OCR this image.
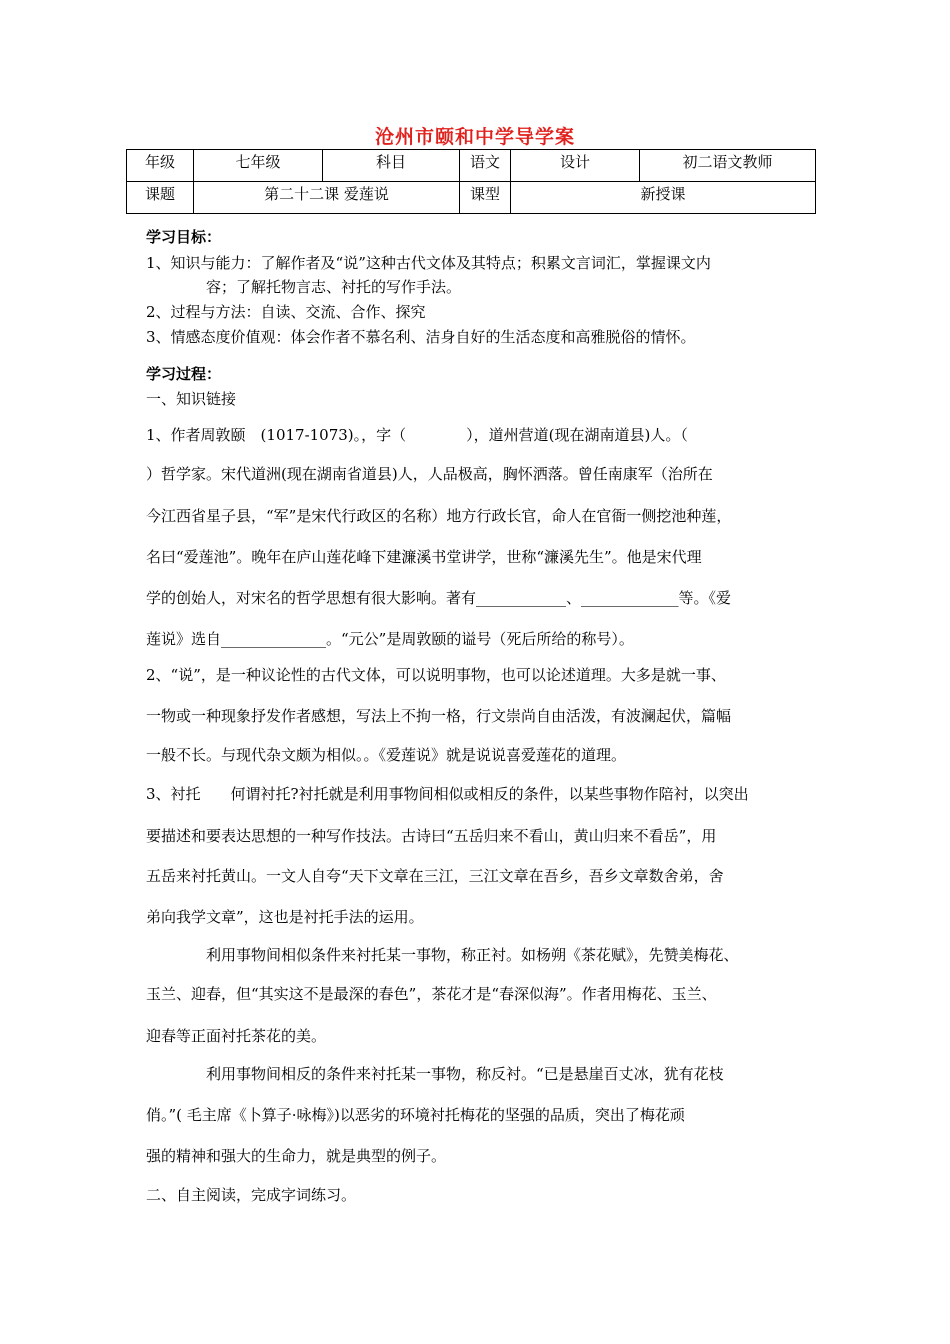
沧州市颐和中学导学案
年级	七年级	科目	语文	设计	初二语文教师
课题	第二十二课 爱莲说		课型	新授课	
学习目标：
1、知识与能力：了解作者及“说”这种古代文体及其特点；积累文言词汇，掌握课文内
容；了解托物言志、衬托的写作手法。
2、过程与方法：自读、交流、合作、探究
3、情感态度价值观：体会作者不慕名利、洁身自好的生活态度和高雅脱俗的情怀。
学习过程：
一、知识链接
1、作者周敦颐　(1017-1073)。，字（　　　　），道州营道(现在湖南道县)人。（
）哲学家。宋代道洲(现在湖南省道县)人，人品极高，胸怀洒落。曾任南康军（治所在
今江西省星子县，“军”是宋代行政区的名称）地方行政长官，命人在官衙一侧挖池种莲，
名曰“爱莲池”。晚年在庐山莲花峰下建濂溪书堂讲学，世称“濂溪先生”。他是宋代理
学的创始人，对宋名的哲学思想有很大影响。著有____________、_____________等。《爱
莲说》选自______________。“元公”是周敦颐的谥号（死后所给的称号）。
2、“说”，是一种议论性的古代文体，可以说明事物，也可以论述道理。大多是就一事、
一物或一种现象抒发作者感想，写法上不拘一格，行文崇尚自由活泼，有波澜起伏，篇幅
一般不长。与现代杂文颇为相似。。《爱莲说》就是说说喜爱莲花的道理。
3、衬托　　何谓衬托?衬托就是利用事物间相似或相反的条件，以某些事物作陪衬，以突出
要描述和要表达思想的一种写作技法。古诗曰“五岳归来不看山，黄山归来不看岳”，用
五岳来衬托黄山。一文人自夸“天下文章在三江，三江文章在吾乡，吾乡文章数舍弟，舍
弟向我学文章”，这也是衬托手法的运用。
利用事物间相似条件来衬托某一事物，称正衬。如杨朔《茶花赋》，先赞美梅花、
玉兰、迎春，但“其实这不是最深的春色”，茶花才是“春深似海”。作者用梅花、玉兰、
迎春等正面衬托茶花的美。
利用事物间相反的条件来衬托某一事物，称反衬。“已是悬崖百丈冰，犹有花枝
俏。”( 毛主席《卜算子·咏梅》)以恶劣的环境衬托梅花的坚强的品质，突出了梅花顽
强的精神和强大的生命力，就是典型的例子。
二、自主阅读，完成字词练习。
